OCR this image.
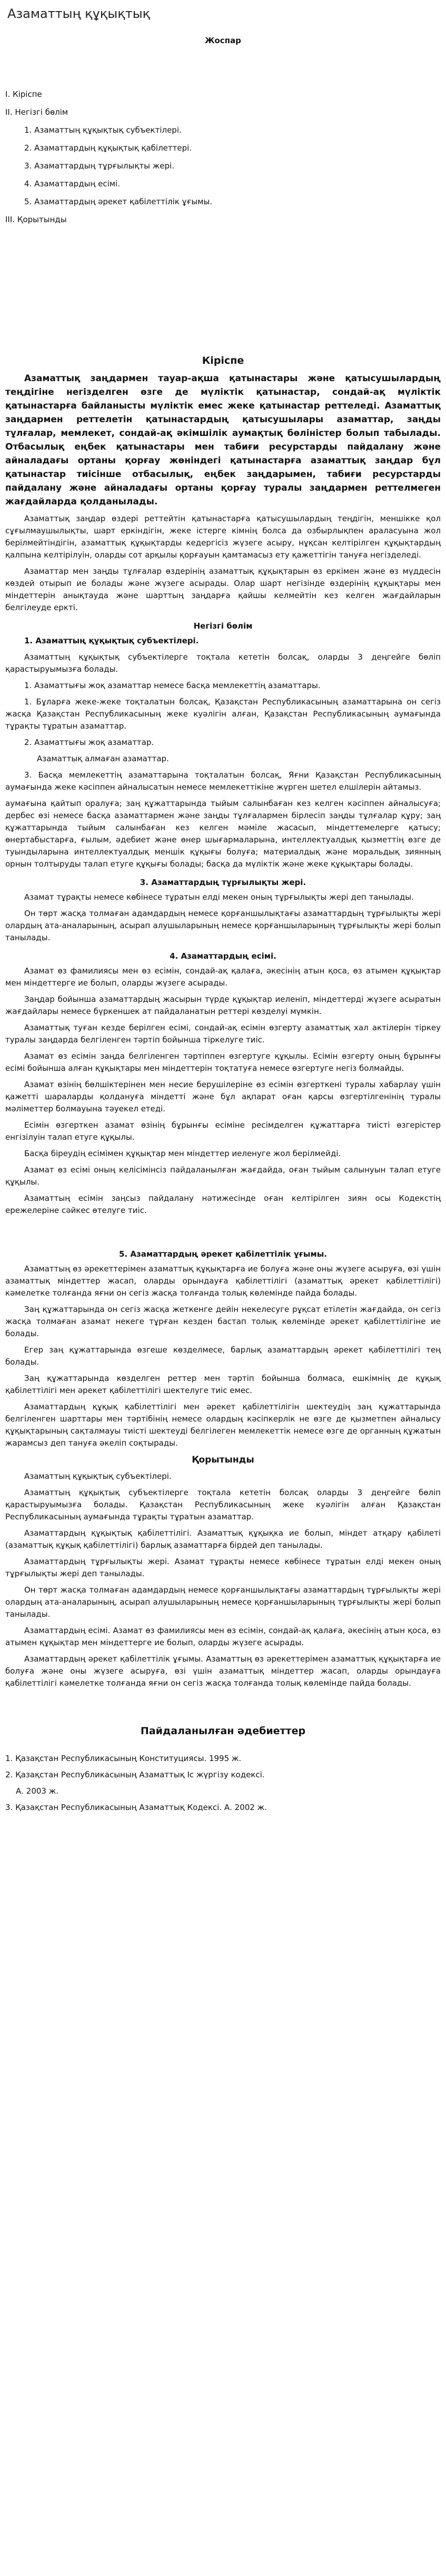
Азаматтың құқықтық
Жоспар
I. Кіріспе
II. Негізгі бөлім
1. Азаматтың құқықтық субъектілері.
2. Азаматтардың құқықтық қабілеттері.
3. Азаматтардың тұрғылықты жері.
4. Азаматтардың есімі.
5. Азаматтардың әрекет қабілеттілік ұғымы.
III. Қорытынды
Кіріспе

Азаматтық заңдармен тауар-ақша қатынастары және қатысушылардың теңдігіне негізделген өзге де мүліктік қатынастар, сондай-ақ мүліктік қатынастарға байланысты мүліктік емес жеке қатынастар реттеледі. Азаматтық заңдармен реттелетін қатынастардың қатысушылары азаматтар, заңды тұлғалар, мемлекет, сондай-ақ әкімшілік аумақтық бөліністер болып табылады. Отбасылық еңбек қатынастары мен табиғи ресурстарды пайдалану және айналадағы ортаны қорғау жөніндегі қатынастарға азаматтық заңдар бұл қатынастар тиісінше отбасылық, еңбек заңдарымен, табиғи ресурстарды пайдалану және айналадағы ортаны қорғау туралы заңдармен реттелмеген жағдайларда қолданылады.

Азаматтық заңдар өздері реттейтін қатынастарға қатысушылардың теңдігін, меншікке қол сұғылмаушылықты, шарт еркіндігін, жеке істерге кімнің болса да озбырлықпен араласуына жол берілмейтіндігін, азаматтық құқықтарды кедергісіз жүзеге асыру, нұқсан келтірілген құқықтардың қалпына келтірілуін, оларды сот арқылы қорғауын қамтамасыз ету қажеттігін тануға негізделеді.

Азаматтар мен заңды тұлғалар өздерінің азаматтық құқықтарын өз еркімен және өз мүддесін көздей отырып ие болады және жүзеге асырады. Олар шарт негізінде өздерінің құқықтары мен міндеттерін анықтауда және шарттың заңдарға қайшы келмейтін кез келген жағдайларын белгілеуде еркті.

Негізгі бөлім

1. Азаматтың құқықтық субъектілері.

Азаматтың құқықтық субъектілерге тоқтала кететін болсақ, оларды 3 деңгейге бөліп қарастыруымызға болады.

1. Азаматтығы жоқ азаматтар немесе басқа мемлекеттің азаматтары.

1. Бұларға жеке-жеке тоқталатын болсақ, Қазақстан Республикасының азаматтарына он сегіз жасқа Қазақстан Республикасының жеке куәлігін алған, Қазақстан Республикасының аумағында тұрақты тұратын азаматтар.

2. Азаматтығы жоқ азаматтар.

Азаматтық алмаған азаматтар.

3. Басқа мемлекеттің азаматтарына тоқталатын болсақ, Яғни Қазақстан Республикасының аумағында жеке кәсіппен айналысатын немесе мемлекеттікіне жүрген шетел елшілерін айтамыз.

аумағына қайтып оралуға; заң құжаттарында тыйым салынбаған кез келген кәсіппен айналысуға; дербес өзі немесе басқа азаматтармен және заңды тұлғалармен бірлесіп заңды тұлғалар құру; заң құжаттарында тыйым салынбаған кез келген мәміле жасасып, міндеттемелерге қатысу; өнертабыстарға, ғылым, әдебиет және өнер шығармаларына, интеллектуалдық қызметтің өзге де туындыларына интеллектуалдық меншік құқығы болуға; материалдық және моральдық зиянның орнын толтыруды талап етуге құқығы болады; басқа да мүліктік және жеке құқықтары болады.

3. Азаматтардың тұрғылықты жері.

Азамат тұрақты немесе көбінесе тұратын елді мекен оның тұрғылықты жері деп танылады.

Он төрт жасқа толмаған адамдардың немесе қорғаншылықтағы азаматтардың тұрғылықты жері олардың ата-аналарының, асырап алушыларының немесе қорғаншыларының тұрғылықты жері болып танылады.

4. Азаматтардың есімі.

Азамат өз фамилиясы мен өз есімін, сондай-ақ қалаға, әкесінің атын қоса, өз атымен құқықтар мен міндеттерге ие болып, оларды жүзеге асырады.

Заңдар бойынша азаматтардың жасырын түрде құқықтар иеленіп, міндеттерді жүзеге асыратын жағдайлары немесе бүркеншек ат пайдаланатын реттері көзделуі мүмкін.

Азаматтық туған кезде берілген есімі, сондай-ақ есімін өзгерту азаматтық хал актілерін тіркеу туралы заңдарда белгіленген тәртіп бойынша тіркелуге тиіс.

Азамат өз есімін заңда белгіленген тәртіппен өзгертуге құқылы. Есімін өзгерту оның бұрынғы есімі бойынша алған құқықтары мен міндеттерін тоқтатуға немесе өзгертуге негіз болмайды.

Азамат өзінің бөлшіктерінен мен несие берушілеріне өз есімін өзгерткені туралы хабарлау үшін қажетті шараларды қолдануға міндетті және бұл ақпарат оған қарсы өзгертілгенінің туралы мәліметтер болмауына тәуекел етеді.

Есімін өзгерткен азамат өзінің бұрынғы есіміне ресімделген құжаттарға тиісті өзгерістер енгізілуін талап етуге құқылы.

Басқа біреудің есімімен құқықтар мен міндеттер иеленуге жол берілмейді.

Азамат өз есімі оның келісімінсіз пайдаланылған жағдайда, оған тыйым салынуын талап етуге құқылы.

Азаматтың есімін заңсыз пайдалану нәтижесінде оған келтірілген зиян осы Кодекстің ережелеріне сәйкес өтелуге тиіс.

5. Азаматтардың әрекет қабілеттілік ұғымы.

Азаматтың өз әрекеттерімен азаматтық құқықтарға ие болуға және оны жүзеге асыруға, өзі үшін азаматтық міндеттер жасап, оларды орындауға қабілеттілігі (азаматтық әрекет қабілеттілігі) кәмелетке толғанда яғни он сегіз жасқа толғанда толық көлемінде пайда болады.

Заң құжаттарында он сегіз жасқа жеткенге дейін некелесуге рұқсат етілетін жағдайда, он сегіз жасқа толмаған азамат некеге тұрған кезден бастап толық көлемінде әрекет қабілеттілігіне ие болады.

Егер заң құжаттарында өзгеше көзделмесе, барлық азаматтардың әрекет қабілеттілігі тең болады.

Заң құжаттарында көзделген реттер мен тәртіп бойынша болмаса, ешкімнің де құқық қабілеттілігі мен әрекет қабілеттілігі шектелуге тиіс емес.

Азаматтардың құқық қабілеттілігі мен әрекет қабілеттілігін шектеудің заң құжаттарында белгіленген шарттары мен тәртібінің немесе олардың кәсіпкерлік не өзге де қызметпен айналысу құқықтарының сақталмауы тиісті шектеуді белгілеген мемлекеттік немесе өзге де органның құжатын жарамсыз деп тануға әкеліп соқтырады.

Қорытынды

Азаматтың құқықтық субъектілері.

Азаматтың құқықтық субъектілерге тоқтала кететін болсақ оларды 3 деңгейге бөліп қарастыруымызға болады. Қазақстан Республикасының жеке куәлігін алған Қазақстан Республикасының аумағында тұрақты тұратын азаматтар.

Азаматтардың құқықтық қабілеттілігі. Азаматтық құқықка ие болып, міндет атқару қабілеті (азаматтық құқық қабілеттілігі) барлық азаматтарға бірдей деп танылады.

Азаматтардың тұрғылықты жері. Азамат тұрақты немесе көбінесе тұратын елді мекен оның тұрғылықты жері деп танылады.

Он төрт жасқа толмаған адамдардың немесе қорғаншылықтағы азаматтардың тұрғылықты жері олардың ата-аналарының, асырап алушыларының немесе қорғаншыларының тұрғылықты жері болып танылады.

Азаматтардың есімі. Азамат өз фамилиясы мен өз есімін, сондай-ақ қалаға, әкесінің атын қоса, өз атымен құқықтар мен міндеттерге ие болып, оларды жүзеге асырады.

Азаматтардың әрекет қабілеттілік ұғымы. Азаматтың өз әрекеттерімен азаматтық құқықтарға ие болуға және оны жүзеге асыруға, өзі үшін азаматтық міндеттер жасап, оларды орындауға қабілеттілігі кәмелетке толғанда яғни он сегіз жасқа толғанда толық көлемінде пайда болады.

Пайдаланылған әдебиеттер

1. Қазақстан Республикасының Конституциясы. 1995 ж.

2. Қазақстан Республикасының Азаматтық Іс жүргізу кодексі.

А. 2003 ж.

3. Қазақстан Республикасының Азаматтық Кодексі. А. 2002 ж.
